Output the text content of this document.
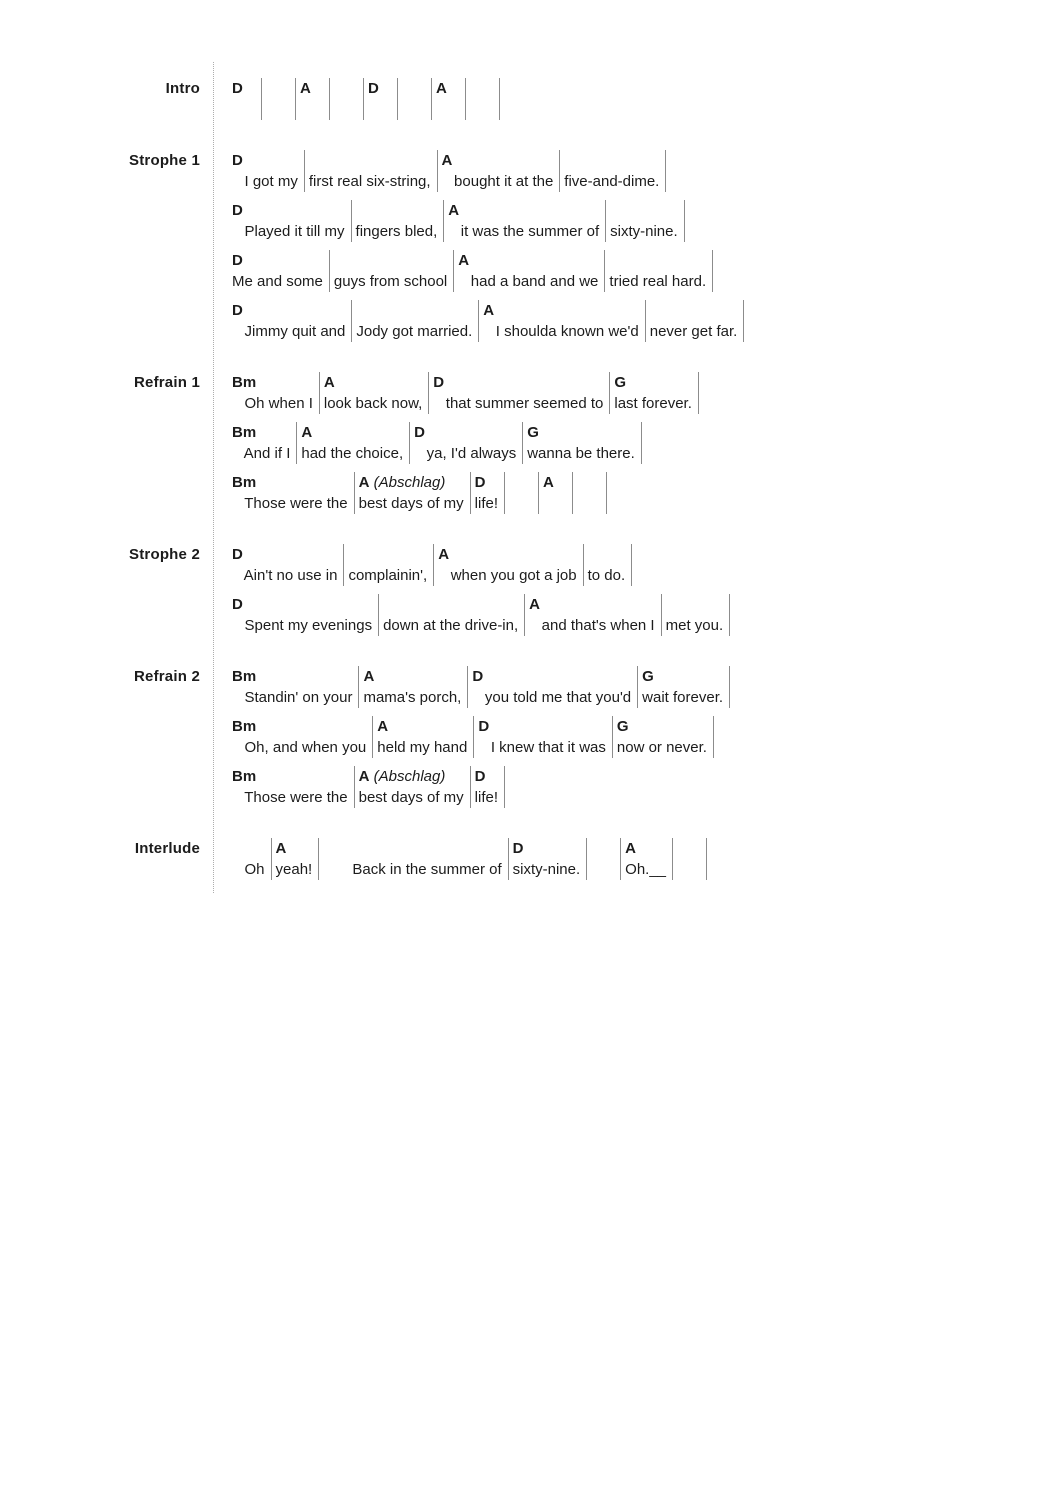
Intro D	A	D	A
Strophe 1 D
I got my first real six-string,
A
bought it at the five-and-dime.
D
Played it till my fingers bled,
A
it was the summer of sixty-nine.
D
Me and some guys from school
A
had a band and we tried real hard.
D
Jimmy quit and Jody got married.
A
I shoulda known we'd never get far.
Refrain 1 Bm
Oh when I
A
look back now,
D
that summer seemed to
G
last forever.
Bm
And if I
A
had the choice,
D
ya, I'd always
G
wanna be there.
Bm
Those were the
A (Abschlag)
best days of my
D
life!
A
Strophe 2 D
Ain't no use in complainin',
A
when you got a job to do.
D
Spent my evenings down at the drive-in,
A
and that's when I met you.
Refrain 2 Bm
Standin' on your
A
mama's porch,
D
you told me that you'd
G
wait forever.
Bm
Oh, and when you
A
held my hand
D
I knew that it was
G
now or never.
Bm
Those were the
A (Abschlag)
best days of my
D
life!
Interlude
Oh
A
yeah! Back in the summer of
D
sixty-nine.
A
Oh.__
